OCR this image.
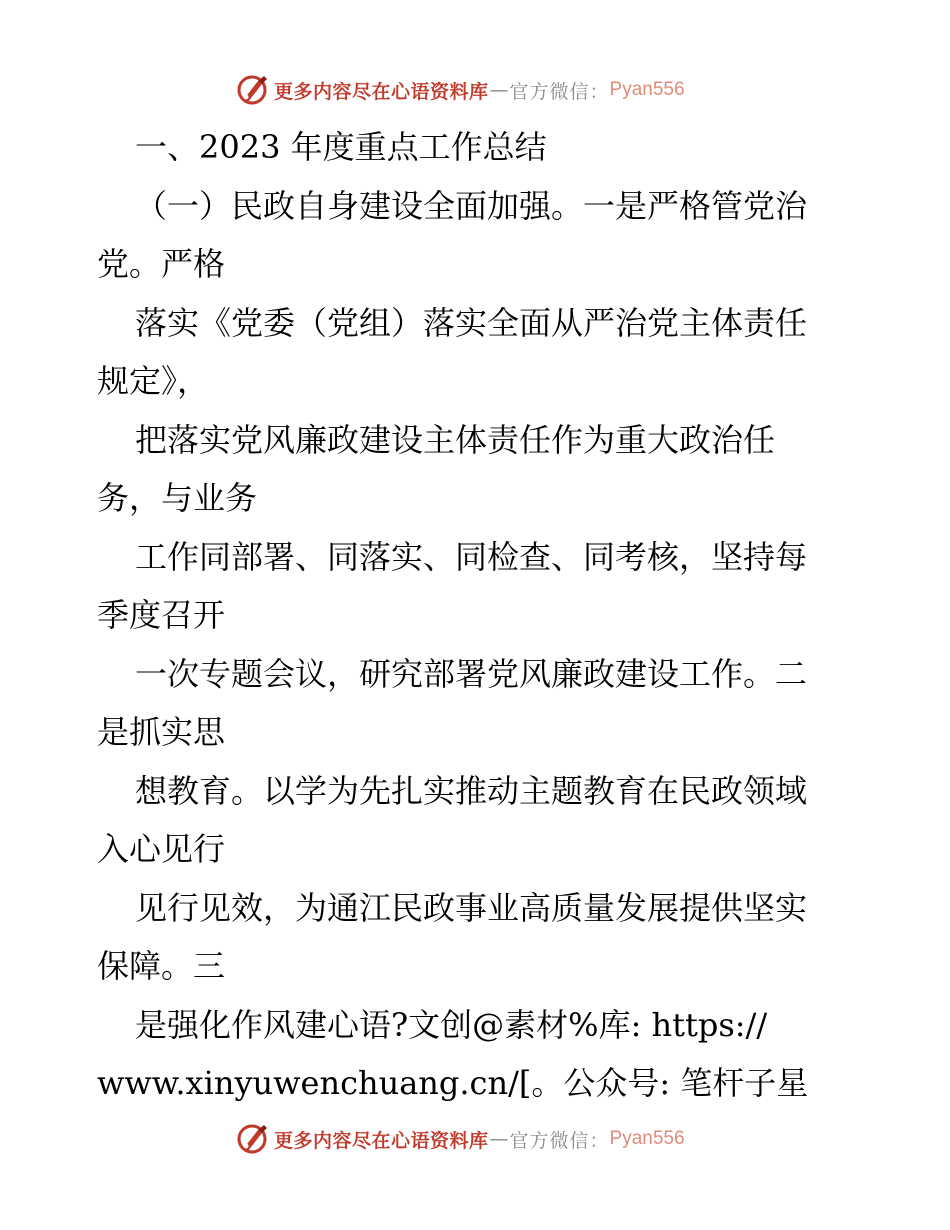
更多内容尽在心语资料库 — 官方微信： Pyan556
一、2023 年度重点工作总结
（一）民政自身建设全面加强。一是严格管党治
党。严格
落实《党委（党组）落实全面从严治党主体责任
规定》，
把落实党风廉政建设主体责任作为重大政治任
务，与业务
工作同部署、同落实、同检查、同考核，坚持每
季度召开
一次专题会议，研究部署党风廉政建设工作。二
是抓实思
想教育。以学为先扎实推动主题教育在民政领域
入心见行
见行见效，为通江民政事业高质量发展提供坚实
保障。三
是强化作风建心语?文创@素材%库: https://
www.xinyuwenchuang.cn/[。公众号: 笔杆子星
更多内容尽在心语资料库 — 官方微信： Pyan556
